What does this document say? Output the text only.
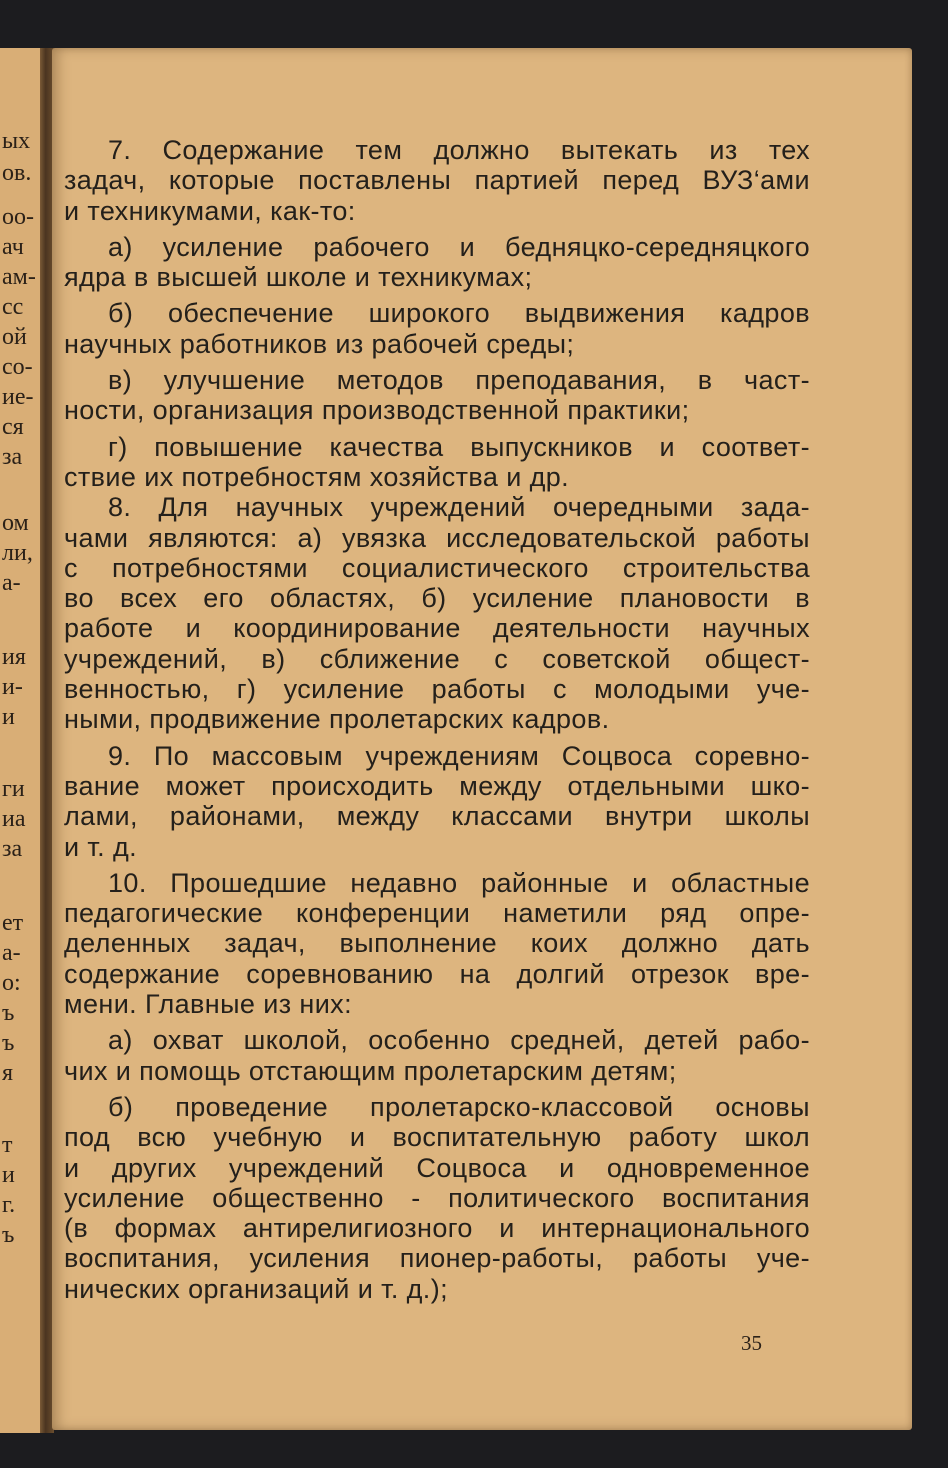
ых
ов.
оо-
ач
ам-
сс
ой
со-
ие-
ся
за
ом
ли,
а-
ия
и-
и
ги
иа
за
ет
а-
о:
ъ
ъ
я
т
и
г.
ъ
7. Содержание тем должно вытекать из тех
задач, которые поставлены партией перед ВУЗ‘ами
и техникумами, как-то:
а) усиление рабочего и бедняцко-середняцкого
ядра в высшей школе и техникумах;
б) обеспечение широкого выдвижения кадров
научных работников из рабочей среды;
в) улучшение методов преподавания, в част-
ности, организация производственной практики;
г) повышение качества выпускников и соответ-
ствие их потребностям хозяйства и др.
8. Для научных учреждений очередными зада-
чами являются: а) увязка исследовательской работы
с потребностями социалистического строительства
во всех его областях, б) усиление плановости в
работе и координирование деятельности научных
учреждений, в) сближение с советской общест-
венностью, г) усиление работы с молодыми уче-
ными, продвижение пролетарских кадров.
9. По массовым учреждениям Соцвоса соревно-
вание может происходить между отдельными шко-
лами, районами, между классами внутри школы
и т. д.
10. Прошедшие недавно районные и областные
педагогические конференции наметили ряд опре-
деленных задач, выполнение коих должно дать
содержание соревнованию на долгий отрезок вре-
мени. Главные из них:
а) охват школой, особенно средней, детей рабо-
чих и помощь отстающим пролетарским детям;
б) проведение пролетарско-классовой основы
под всю учебную и воспитательную работу школ
и других учреждений Соцвоса и одновременное
усиление общественно - политического воспитания
(в формах антирелигиозного и интернационального
воспитания, усиления пионер-работы, работы уче-
нических организаций и т. д.);
35
